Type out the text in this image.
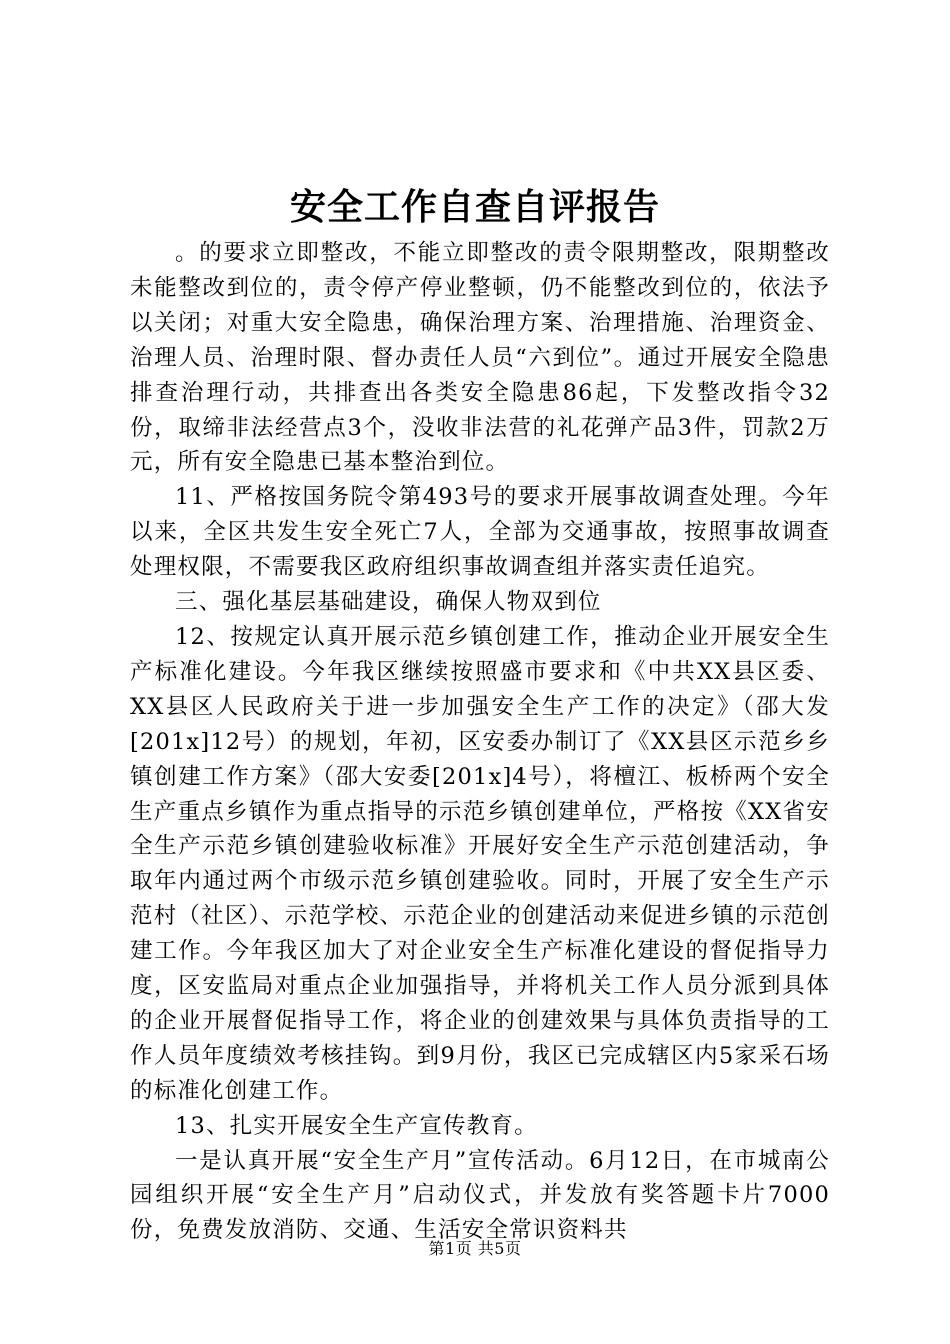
安全工作自查自评报告

。的要求立即整改，不能立即整改的责令限期整改，限期整改未能整改到位的，责令停产停业整顿，仍不能整改到位的，依法予以关闭；对重大安全隐患，确保治理方案、治理措施、治理资金、治理人员、治理时限、督办责任人员“六到位”。通过开展安全隐患排查治理行动，共排查出各类安全隐患86起，下发整改指令32份，取缔非法经营点3个，没收非法营的礼花弹产品3件，罚款2万元，所有安全隐患已基本整治到位。

11、严格按国务院令第493号的要求开展事故调查处理。今年以来，全区共发生安全死亡7人，全部为交通事故，按照事故调查处理权限，不需要我区政府组织事故调查组并落实责任追究。

三、强化基层基础建设，确保人物双到位

12、按规定认真开展示范乡镇创建工作，推动企业开展安全生产标准化建设。今年我区继续按照盛市要求和《中共XX县区委、XX县区人民政府关于进一步加强安全生产工作的决定》（邵大发[201x]12号）的规划，年初，区安委办制订了《XX县区示范乡乡镇创建工作方案》（邵大安委[201x]4号），将檀江、板桥两个安全生产重点乡镇作为重点指导的示范乡镇创建单位，严格按《XX省安全生产示范乡镇创建验收标准》开展好安全生产示范创建活动，争取年内通过两个市级示范乡镇创建验收。同时，开展了安全生产示范村（社区）、示范学校、示范企业的创建活动来促进乡镇的示范创建工作。今年我区加大了对企业安全生产标准化建设的督促指导力度，区安监局对重点企业加强指导，并将机关工作人员分派到具体的企业开展督促指导工作，将企业的创建效果与具体负责指导的工作人员年度绩效考核挂钩。到9月份，我区已完成辖区内5家采石场的标准化创建工作。

13、扎实开展安全生产宣传教育。

一是认真开展“安全生产月”宣传活动。6月12日，在市城南公园组织开展“安全生产月”启动仪式，并发放有奖答题卡片7000份，免费发放消防、交通、生活安全常识资料共

第1页 共5页
